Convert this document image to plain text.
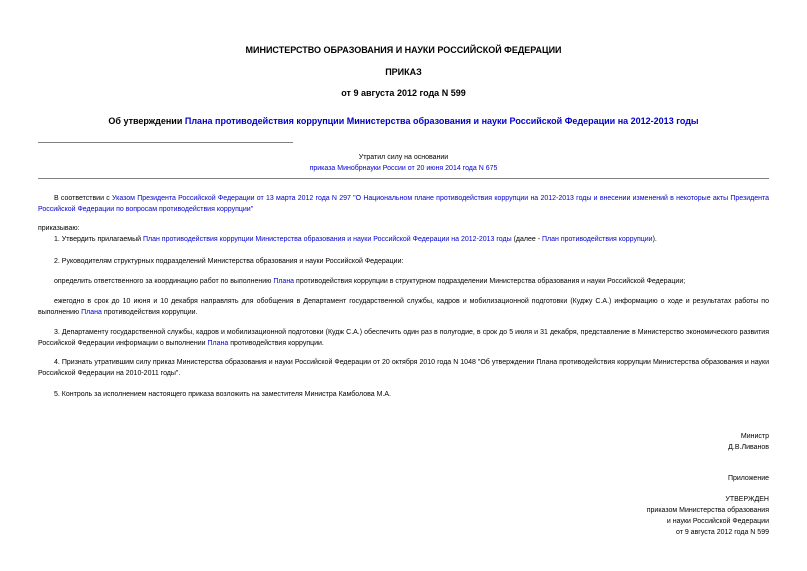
МИНИСТЕРСТВО ОБРАЗОВАНИЯ И НАУКИ РОССИЙСКОЙ ФЕДЕРАЦИИ
ПРИКАЗ
от 9 августа 2012 года N 599
Об утверждении Плана противодействия коррупции Министерства образования и науки Российской Федерации на 2012-2013 годы
Утратил силу на основании
приказа Минобрнауки России от 20 июня 2014 года N 675
В соответствии с Указом Президента Российской Федерации от 13 марта 2012 года N 297 "О Национальном плане противодействия коррупции на 2012-2013 годы и внесении изменений в некоторые акты Президента Российской Федерации по вопросам противодействия коррупции"
приказываю:
1. Утвердить прилагаемый План противодействия коррупции Министерства образования и науки Российской Федерации на 2012-2013 годы (далее - План противодействия коррупции).
2. Руководителям структурных подразделений Министерства образования и науки Российской Федерации:
определить ответственного за координацию работ по выполнению Плана противодействия коррупции в структурном подразделении Министерства образования и науки Российской Федерации;
ежегодно в срок до 10 июня и 10 декабря направлять для обобщения в Департамент государственной службы, кадров и мобилизационной подготовки (Куджу С.А.) информацию о ходе и результатах работы по выполнению Плана противодействия коррупции.
3. Департаменту государственной службы, кадров и мобилизационной подготовки (Кудж С.А.) обеспечить один раз в полугодие, в срок до 5 июля и 31 декабря, представление в Министерство экономического развития Российской Федерации информации о выполнении Плана противодействия коррупции.
4. Признать утратившим силу приказ Министерства образования и науки Российской Федерации от 20 октября 2010 года N 1048 "Об утверждении Плана противодействия коррупции Министерства образования и науки Российской Федерации на 2010-2011 годы".
5. Контроль за исполнением настоящего приказа возложить на заместителя Министра Камболова М.А.
Министр
Д.В.Ливанов
Приложение
УТВЕРЖДЕН
приказом Министерства образования
и науки Российской Федерации
от 9 августа 2012 года N 599
